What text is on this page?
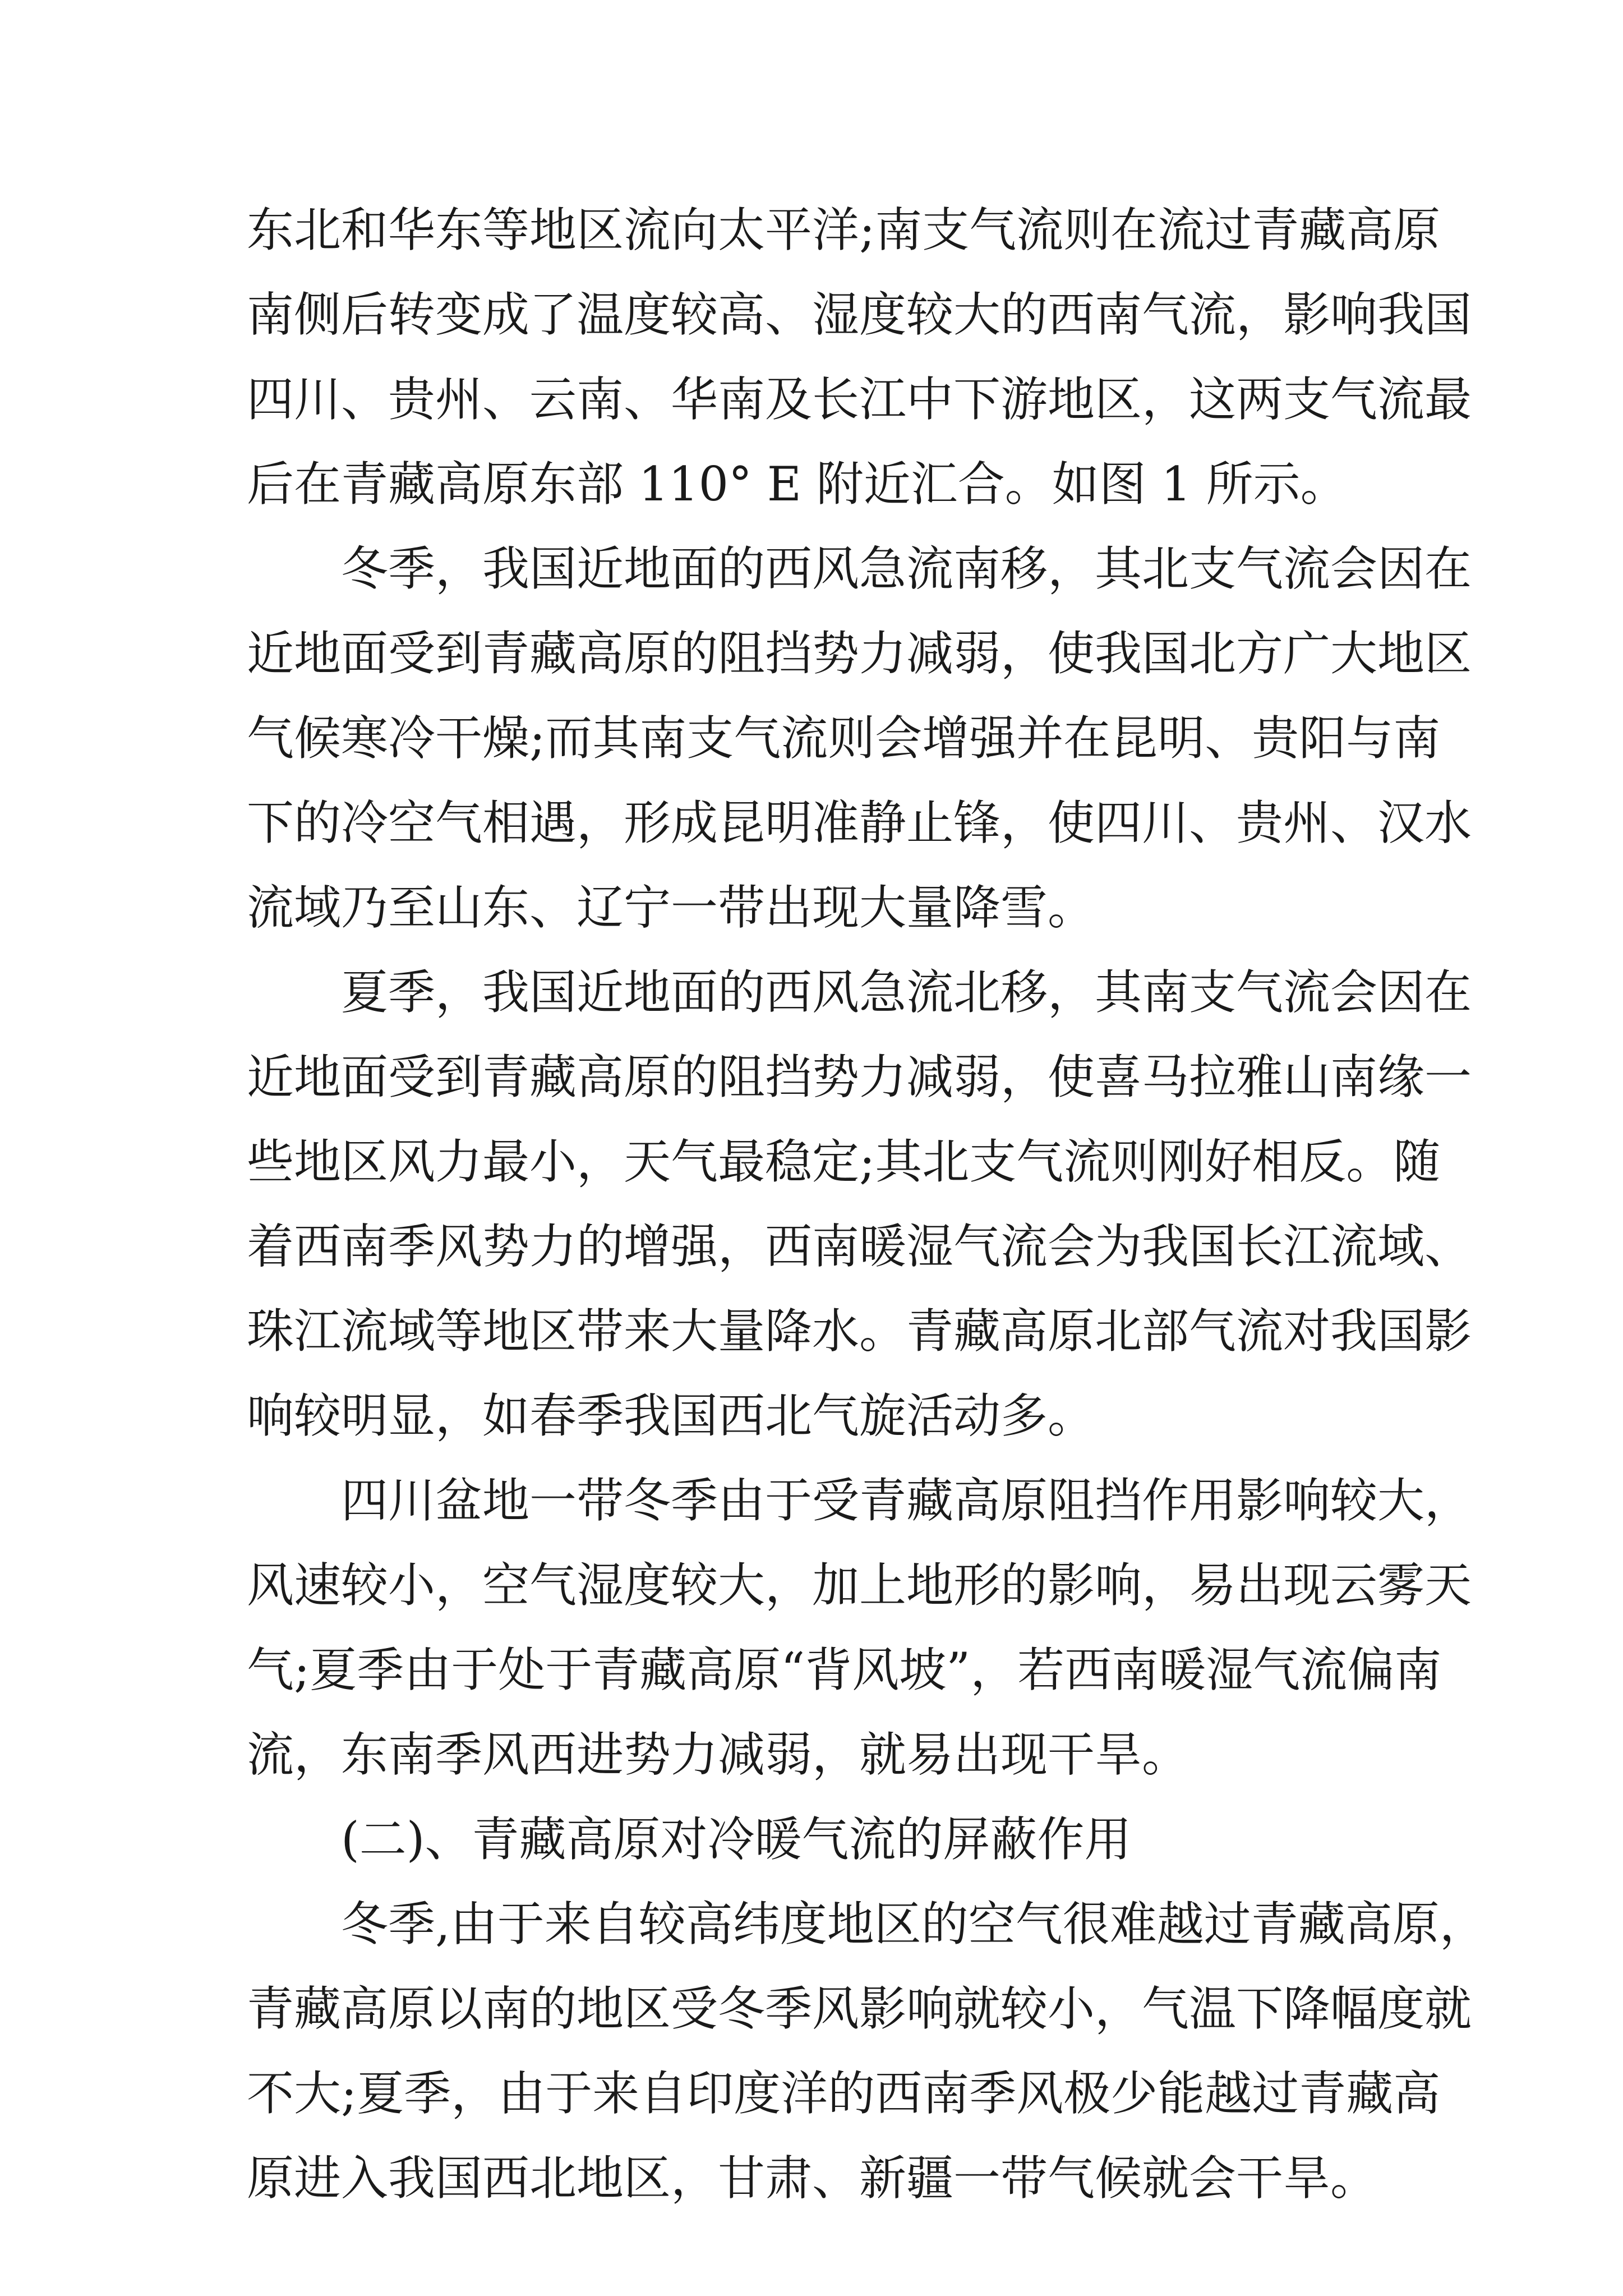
东北和华东等地区流向太平洋;南支气流则在流过青藏高原
南侧后转变成了温度较高、湿度较大的西南气流，影响我国
四川、贵州、云南、华南及长江中下游地区，这两支气流最
后在青藏高原东部 110° E 附近汇合。如图 1 所示。
冬季，我国近地面的西风急流南移，其北支气流会因在
近地面受到青藏高原的阻挡势力减弱，使我国北方广大地区
气候寒冷干燥;而其南支气流则会增强并在昆明、贵阳与南
下的冷空气相遇，形成昆明准静止锋，使四川、贵州、汉水
流域乃至山东、辽宁一带出现大量降雪。
夏季，我国近地面的西风急流北移，其南支气流会因在
近地面受到青藏高原的阻挡势力减弱，使喜马拉雅山南缘一
些地区风力最小，天气最稳定;其北支气流则刚好相反。随
着西南季风势力的增强，西南暖湿气流会为我国长江流域、
珠江流域等地区带来大量降水。青藏高原北部气流对我国影
响较明显，如春季我国西北气旋活动多。
四川盆地一带冬季由于受青藏高原阻挡作用影响较大，
风速较小，空气湿度较大，加上地形的影响，易出现云雾天
气;夏季由于处于青藏高原“背风坡”，若西南暖湿气流偏南
流，东南季风西进势力减弱，就易出现干旱。
(二)、青藏高原对冷暖气流的屏蔽作用
冬季,由于来自较高纬度地区的空气很难越过青藏高原，
青藏高原以南的地区受冬季风影响就较小，气温下降幅度就
不大;夏季，由于来自印度洋的西南季风极少能越过青藏高
原进入我国西北地区，甘肃、新疆一带气候就会干旱。
